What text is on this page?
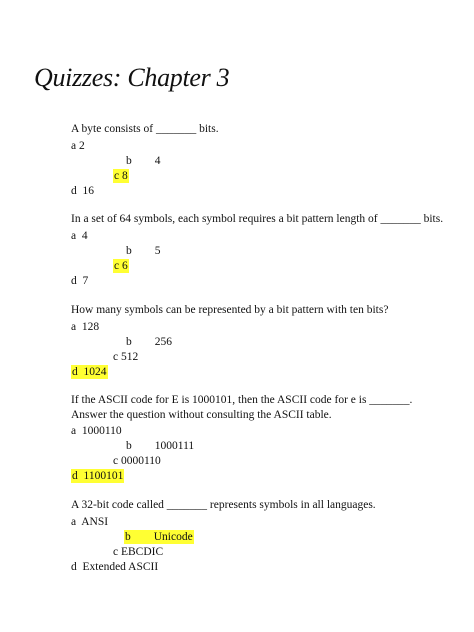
Quizzes: Chapter 3
A byte consists of _______ bits.
a 2
b        4
c 8
d  16
In a set of 64 symbols, each symbol requires a bit pattern length of _______ bits.
a  4
b        5
c 6
d  7
How many symbols can be represented by a bit pattern with ten bits?
a  128
b        256
c 512
d  1024
If the ASCII code for E is 1000101, then the ASCII code for e is _______. Answer the question without consulting the ASCII table.
a  1000110
b        1000111
c 0000110
d  1100101
A 32-bit code called _______ represents symbols in all languages.
a  ANSI
b        Unicode
c EBCDIC
d  Extended ASCII
